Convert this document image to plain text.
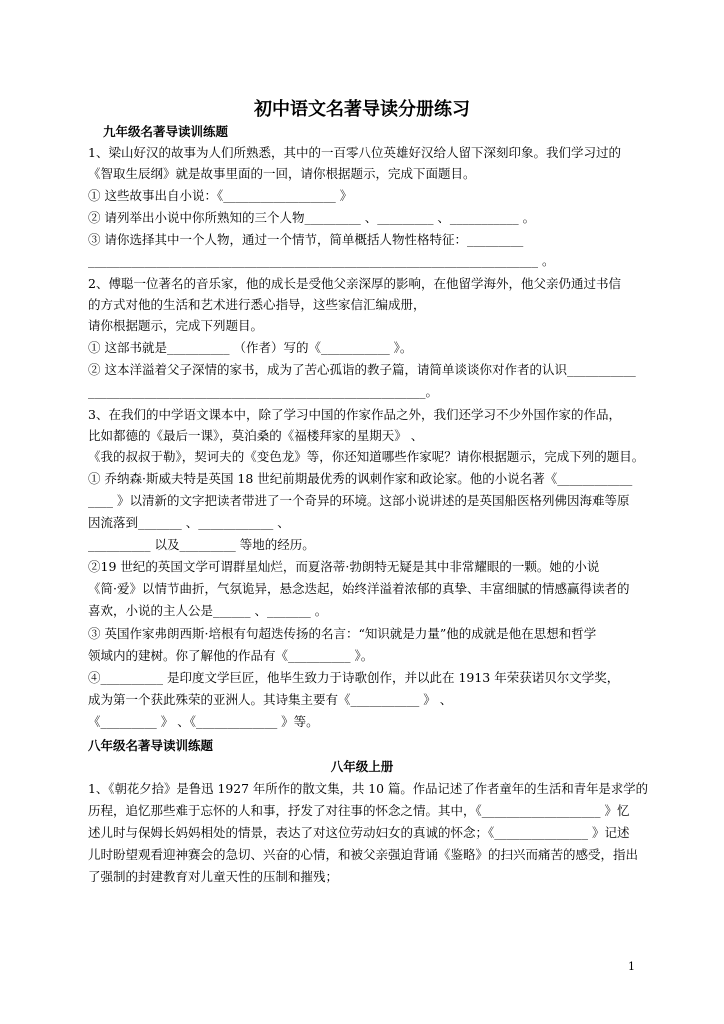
初中语文名著导读分册练习
九年级名著导读训练题
1、梁山好汉的故事为人们所熟悉，其中的一百零八位英雄好汉给人留下深刻印象。我们学习过的
《智取生辰纲》就是故事里面的一回，请你根据题示，完成下面题目。
① 这些故事出自小说：《__________________ 》
② 请列举出小说中你所熟知的三个人物_________ 、_________ 、___________ 。
③ 请你选择其中一个人物，通过一个情节，简单概括人物性格特征：_________
________________________________________________________________________ 。
2、傅聪一位著名的音乐家，他的成长是受他父亲深厚的影响，在他留学海外，他父亲仍通过书信
的方式对他的生活和艺术进行悉心指导，这些家信汇编成册，
请你根据题示，完成下列题目。
① 这部书就是__________ （作者）写的《___________ 》。
② 这本洋溢着父子深情的家书，成为了苦心孤诣的教子篇，请简单谈谈你对作者的认识___________
______________________________________________________。
3、在我们的中学语文课本中，除了学习中国的作家作品之外，我们还学习不少外国作家的作品，
比如都德的《最后一课》，莫泊桑的《福楼拜家的星期天》 、
《我的叔叔于勒》，契诃夫的《变色龙》等，你还知道哪些作家呢？请你根据题示，完成下列的题目。
① 乔纳森·斯威夫特是英国 18 世纪前期最优秀的讽刺作家和政论家。他的小说名著《____________
____ 》以清新的文字把读者带进了一个奇异的环境。这部小说讲述的是英国船医格列佛因海难等原
因流落到_______ 、____________ 、
__________ 以及_________ 等地的经历。
②19 世纪的英国文学可谓群星灿烂，而夏洛蒂·勃朗特无疑是其中非常耀眼的一颗。她的小说
《简·爱》以情节曲折，气氛诡异，悬念迭起，始终洋溢着浓郁的真挚、丰富细腻的情感赢得读者的
喜欢，小说的主人公是______ 、_______ 。
③ 英国作家弗朗西斯·培根有句超迭传扬的名言：“知识就是力量”他的成就是他在思想和哲学
领域内的建树。你了解他的作品有《__________ 》。
④__________ 是印度文学巨匠，他毕生致力于诗歌创作，并以此在 1913 年荣获诺贝尔文学奖，
成为第一个获此殊荣的亚洲人。其诗集主要有《___________ 》 、
《_________ 》 、《_____________ 》等。
八年级名著导读训练题
八年级上册
1、《朝花夕拾》是鲁迅 1927 年所作的散文集，共 10 篇。作品记述了作者童年的生活和青年是求学的
历程，追忆那些难于忘怀的人和事，抒发了对往事的怀念之情。其中，《___________________ 》忆
述儿时与保姆长妈妈相处的情景，表达了对这位劳动妇女的真诚的怀念；《_______________ 》记述
儿时盼望观看迎神赛会的急切、兴奋的心情，和被父亲强迫背诵《鉴略》的扫兴而痛苦的感受，指出
了强制的封建教育对儿童天性的压制和摧残；
1
